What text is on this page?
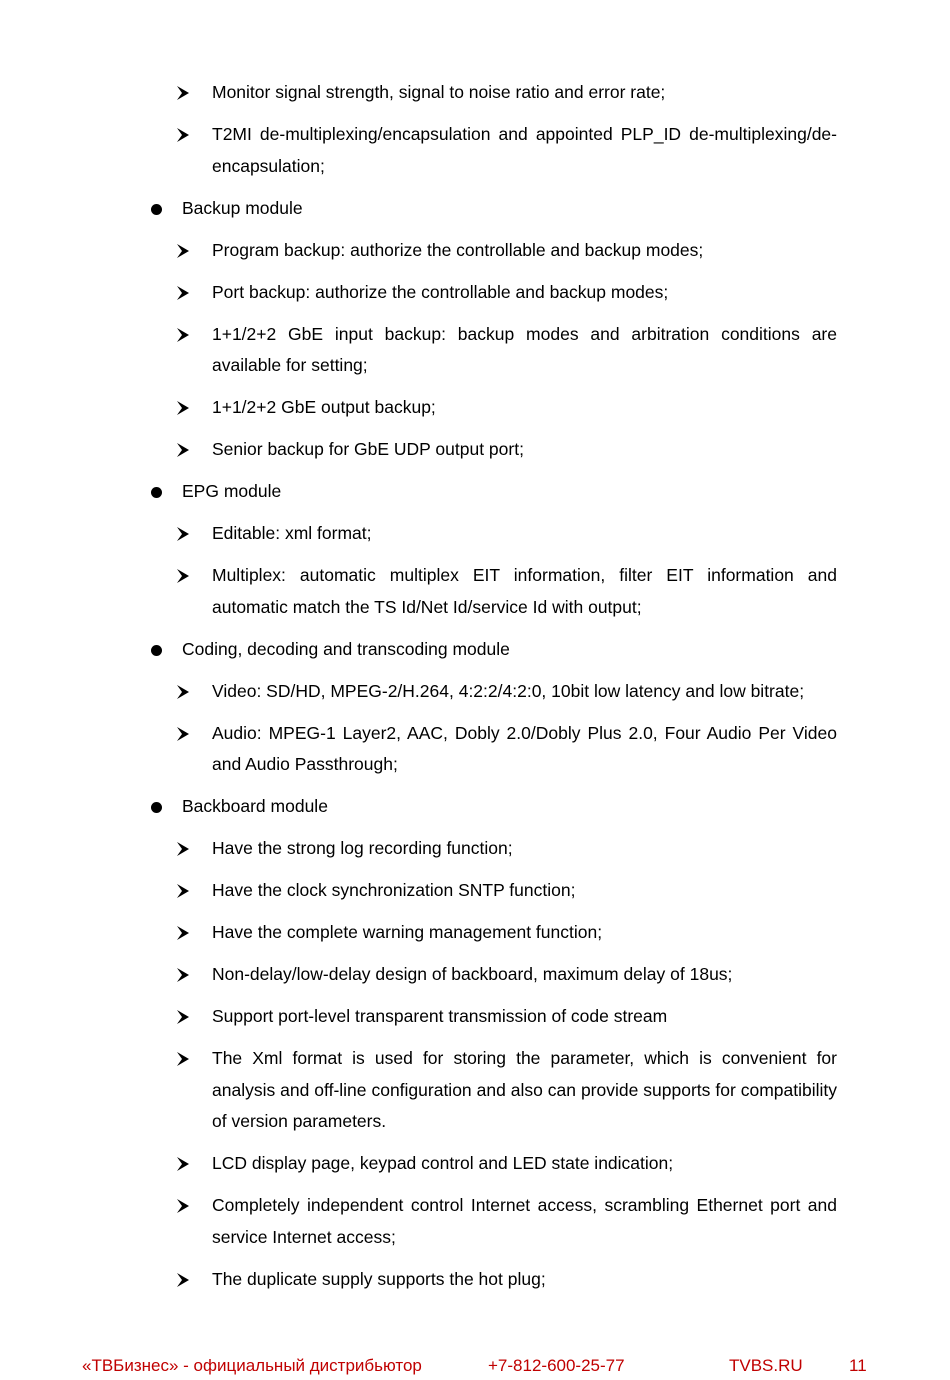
Monitor signal strength, signal to noise ratio and error rate;
T2MI de-multiplexing/encapsulation and appointed PLP_ID de-multiplexing/de-encapsulation;
Backup module
Program backup: authorize the controllable and backup modes;
Port backup: authorize the controllable and backup modes;
1+1/2+2 GbE input backup: backup modes and arbitration conditions are available for setting;
1+1/2+2 GbE output backup;
Senior backup for GbE UDP output port;
EPG module
Editable: xml format;
Multiplex: automatic multiplex EIT information, filter EIT information and automatic match the TS Id/Net Id/service Id with output;
Coding, decoding and transcoding module
Video: SD/HD, MPEG-2/H.264, 4:2:2/4:2:0, 10bit low latency and low bitrate;
Audio: MPEG-1 Layer2, AAC, Dobly 2.0/Dobly Plus 2.0, Four Audio Per Video and Audio Passthrough;
Backboard module
Have the strong log recording function;
Have the clock synchronization SNTP function;
Have the complete warning management function;
Non-delay/low-delay design of backboard, maximum delay of 18us;
Support port-level transparent transmission of code stream
The Xml format is used for storing the parameter, which is convenient for analysis and off-line configuration and also can provide supports for compatibility of version parameters.
LCD display page, keypad control and LED state indication;
Completely independent control Internet access, scrambling Ethernet port and service Internet access;
The duplicate supply supports the hot plug;
«ТВБизнес» - официальный дистрибьютор	+7-812-600-25-77	TVBS.RU	11
